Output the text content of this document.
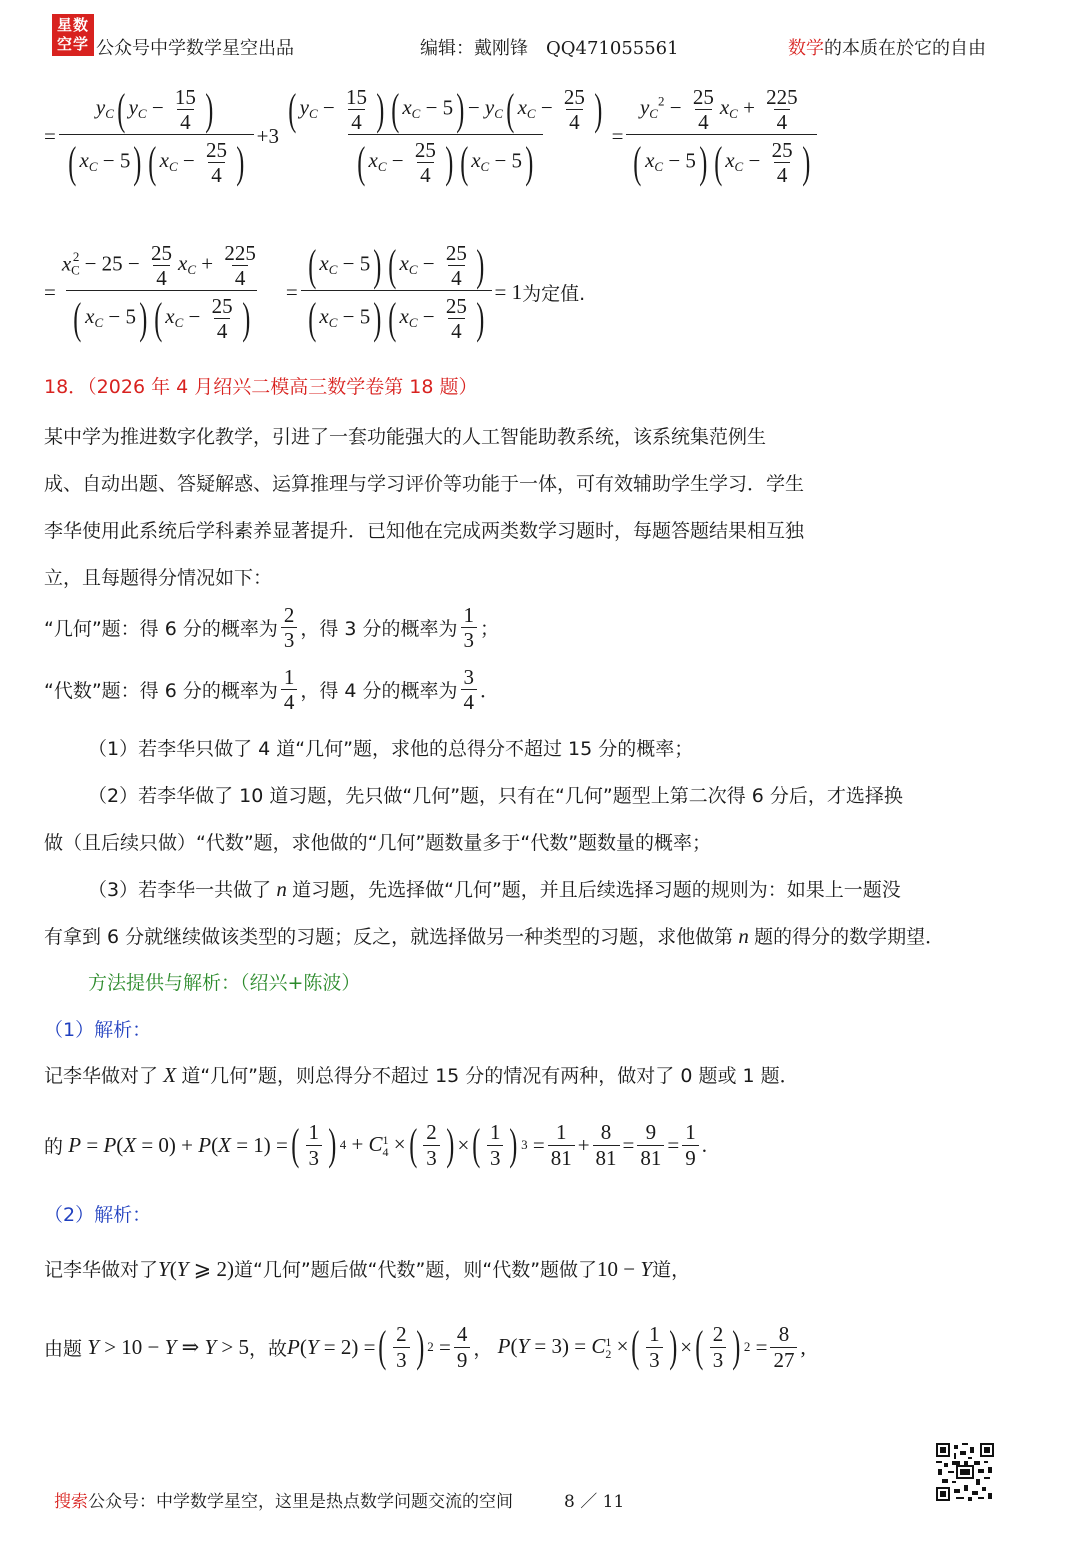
星数
空学 公众号中学数学星空出品	编辑：戴刚锋　QQ471055561	数学的本质在於它的自由
= $\frac{y_C( y_C - \frac{15}{4} )}{( x_C - 5) ( x_C - \frac{25}{4} )} +3 \frac{( y_C - \frac{15}{4} ) ( x_C - 5) - y_C( x_C - \frac{25}{4} )}{( x_C - \frac{25}{4} ) ( x_C - 5)} = \frac{y_C^2 - \frac{25}{4} x_C + \frac{225}{4}}{( x_C - 5) ( x_C - \frac{25}{4} )}$
= $\frac{x_C^2 - 25 - \frac{25}{4} x_C + \frac{225}{4}}{( x_C - 5) ( x_C - \frac{25}{4} )} = \frac{( x_C - 5) ( x_C - \frac{25}{4} )}{( x_C - 5) ( x_C - \frac{25}{4} )} = 1$ 为定值.
18．（2026 年 4 月绍兴二模高三数学卷第 18 题）
某中学为推进数字化教学，引进了一套功能强大的人工智能助教系统，该系统集范例生
成、自动出题、答疑解惑、运算推理与学习评价等功能于一体，可有效辅助学生学习．学生
李华使用此系统后学科素养显著提升．已知他在完成两类数学习题时，每题答题结果相互独
立，且每题得分情况如下：
“几何”题：得 6 分的概率为 $\frac{2}{3}$ ，得 3 分的概率为 $\frac{1}{3}$ ；
“代数”题：得 6 分的概率为 $\frac{1}{4}$ ，得 4 分的概率为 $\frac{3}{4}$ ．
（1）若李华只做了 4 道“几何”题，求他的总得分不超过 15 分的概率；
（2）若李华做了 10 道习题，先只做“几何”题，只有在“几何”题型上第二次得 6 分后，才选择换
做（且后续只做）“代数”题，求他做的“几何”题数量多于“代数”题数量的概率；
（3）若李华一共做了 n 道习题，先选择做“几何”题，并且后续选择习题的规则为：如果上一题没
有拿到 6 分就继续做该类型的习题；反之，就选择做另一种类型的习题，求他做第 n 题的得分的数学期望．
方法提供与解析：（绍兴+陈波）
（1）解析：
记李华做对了 X 道“几何”题，则总得分不超过 15 分的情况有两种，做对了 0 题或 1 题．
的 P = P(X = 0) + P(X = 1) = ( $\frac{1}{3}$ ) 4 + C 1
4 × ( $\frac{2}{3}$ ) × ( $\frac{1}{3}$ ) $3 = \frac{1}{81} + \frac{8}{81} = \frac{9}{81} = \frac{1}{9}$ .
（2）解析：
记李华做对了Y(Y ⩾ 2)道“几何”题后做“代数”题，则“代数”题做了10 − Y道，
由题 Y > 10 − Y ⇒ Y > 5 ，故 P(Y = 2) = ( $\frac{2}{3}$ ) $2 = \frac{4}{9}$ ， P(Y = 3) = C 1
2 × ( $\frac{1}{3}$ ) × ( $\frac{2}{3}$ ) $2 = \frac{8}{27}$ ,
搜索公众号：中学数学星空，这里是热点数学问题交流的空间	8 ／ 11
